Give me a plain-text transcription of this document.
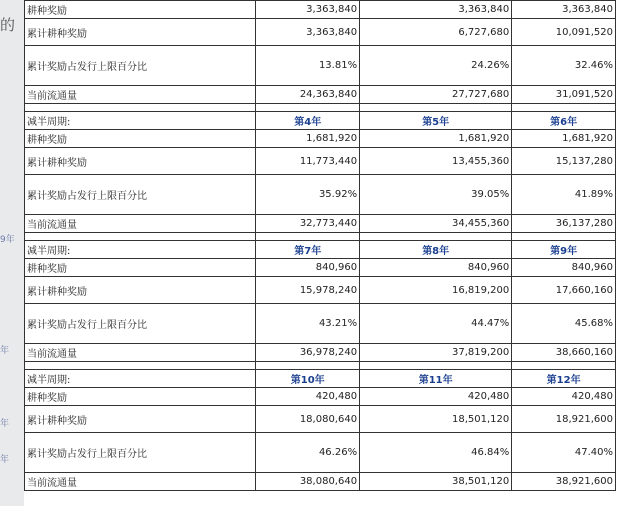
的
9年
年
年
年
耕种奖励	3,363,840	3,363,840	3,363,840
累计耕种奖励	3,363,840	6,727,680	10,091,520
累计奖励占发行上限百分比	13.81%	24.26%	32.46%
当前流通量	24,363,840	27,727,680	31,091,520

减半周期:	第4年	第5年	第6年
耕种奖励	1,681,920	1,681,920	1,681,920
累计耕种奖励	11,773,440	13,455,360	15,137,280
累计奖励占发行上限百分比	35.92%	39.05%	41.89%
当前流通量	32,773,440	34,455,360	36,137,280

减半周期:	第7年	第8年	第9年
耕种奖励	840,960	840,960	840,960
累计耕种奖励	15,978,240	16,819,200	17,660,160
累计奖励占发行上限百分比	43.21%	44.47%	45.68%
当前流通量	36,978,240	37,819,200	38,660,160

减半周期:	第10年	第11年	第12年
耕种奖励	420,480	420,480	420,480
累计耕种奖励	18,080,640	18,501,120	18,921,600
累计奖励占发行上限百分比	46.26%	46.84%	47.40%
当前流通量	38,080,640	38,501,120	38,921,600
